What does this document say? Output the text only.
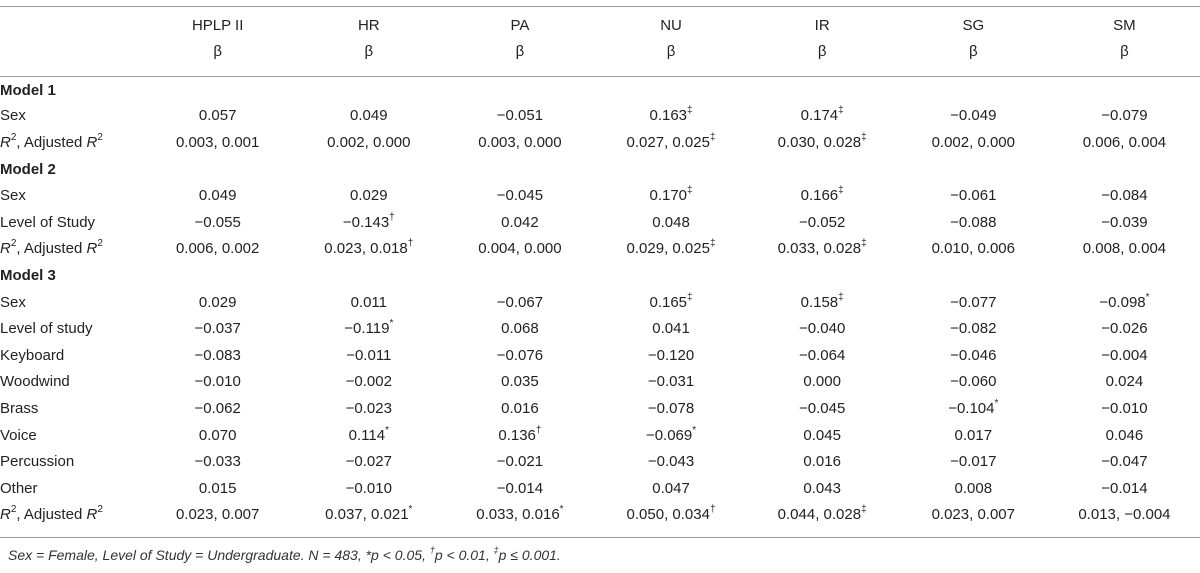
	HPLP II	HR	PA	NU	IR	SG	SM
	β	β	β	β	β	β	β
Model 1							
Sex	0.057	0.049	−0.051	0.163‡	0.174‡	−0.049	−0.079
$R^2$, Adjusted $R^2$	0.003, 0.001	0.002, 0.000	0.003, 0.000	0.027, 0.025‡	0.030, 0.028‡	0.002, 0.000	0.006, 0.004
Model 2							
Sex	0.049	0.029	−0.045	0.170‡	0.166‡	−0.061	−0.084
Level of Study	−0.055	−0.143†	0.042	0.048	−0.052	−0.088	−0.039
$R^2$, Adjusted $R^2$	0.006, 0.002	0.023, 0.018†	0.004, 0.000	0.029, 0.025‡	0.033, 0.028‡	0.010, 0.006	0.008, 0.004
Model 3							
Sex	0.029	0.011	−0.067	0.165‡	0.158‡	−0.077	−0.098*
Level of study	−0.037	−0.119*	0.068	0.041	−0.040	−0.082	−0.026
Keyboard	−0.083	−0.011	−0.076	−0.120	−0.064	−0.046	−0.004
Woodwind	−0.010	−0.002	0.035	−0.031	0.000	−0.060	0.024
Brass	−0.062	−0.023	0.016	−0.078	−0.045	−0.104*	−0.010
Voice	0.070	0.114*	0.136†	−0.069*	0.045	0.017	0.046
Percussion	−0.033	−0.027	−0.021	−0.043	0.016	−0.017	−0.047
Other	0.015	−0.010	−0.014	0.047	0.043	0.008	−0.014
$R^2$, Adjusted $R^2$	0.023, 0.007	0.037, 0.021*	0.033, 0.016*	0.050, 0.034†	0.044, 0.028‡	0.023, 0.007	0.013, −0.004
Sex = Female, Level of Study = Undergraduate. N = 483, *p < 0.05, †p < 0.01, ‡p ≤ 0.001.
